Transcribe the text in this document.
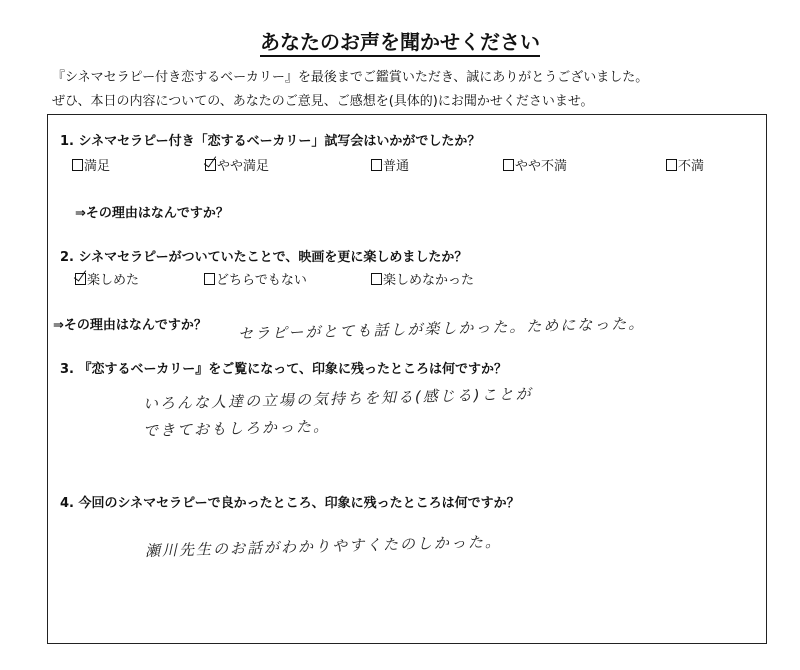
あなたのお声を聞かせください
『シネマセラピー付き恋するベーカリー』を最後までご鑑賞いただき、誠にありがとうございました。
ぜひ、本日の内容についての、あなたのご意見、ご感想を(具体的)にお聞かせくださいませ。
1. シネマセラピー付き「恋するベーカリー」試写会はいかがでしたか？
満足	やや満足	普通	やや不満	不満
⇒その理由はなんですか？
2. シネマセラピーがついていたことで、映画を更に楽しめましたか？
楽しめた	どちらでもない	楽しめなかった
⇒その理由はなんですか？ セラピーがとても話しが楽しかった。ためになった。
3. 『恋するベーカリー』をご覧になって、印象に残ったところは何ですか？
いろんな人達の立場の気持ちを知る(感じる)ことが
できておもしろかった。
4. 今回のシネマセラピーで良かったところ、印象に残ったところは何ですか？
瀬川先生のお話がわかりやすくたのしかった。
